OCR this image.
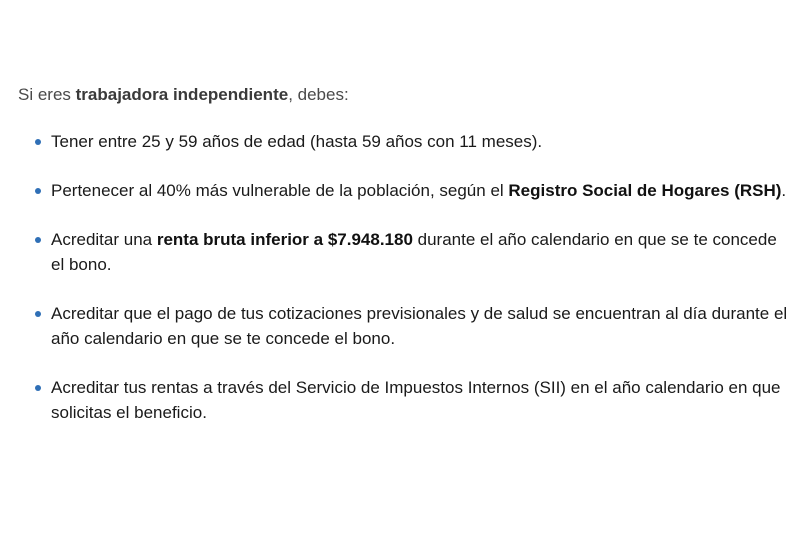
Si eres trabajadora independiente, debes:

Tener entre 25 y 59 años de edad (hasta 59 años con 11 meses).
Pertenecer al 40% más vulnerable de la población, según el Registro Social de Hogares (RSH).
Acreditar una renta bruta inferior a $7.948.180 durante el año calendario en que se te concede el bono.
Acreditar que el pago de tus cotizaciones previsionales y de salud se encuentran al día durante el año calendario en que se te concede el bono.
Acreditar tus rentas a través del Servicio de Impuestos Internos (SII) en el año calendario en que solicitas el beneficio.
